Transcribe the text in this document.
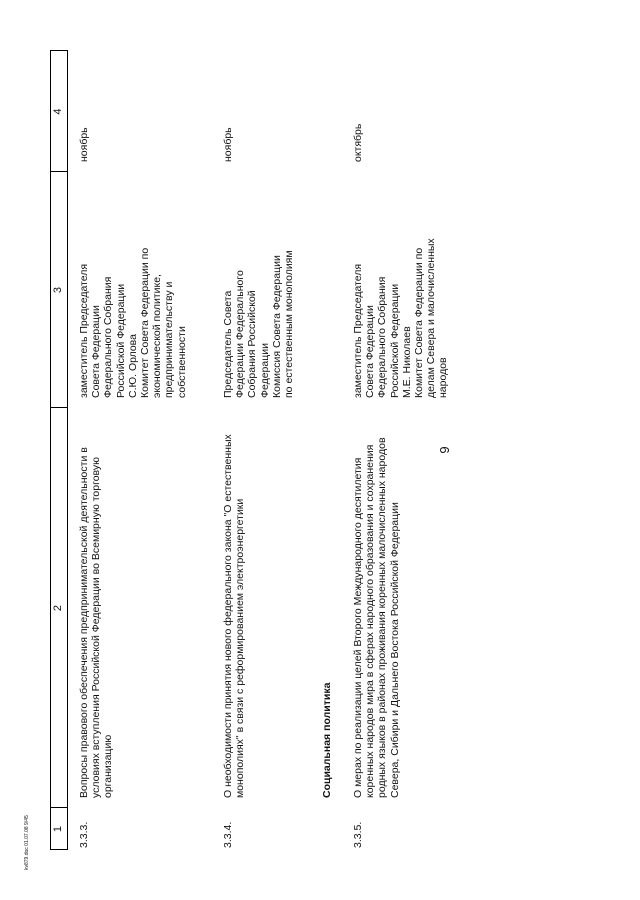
1
2
3
4
3.3.3.
Вопросы правового обеспечения предпринимательской деятельности в условиях вступления Российской Федерации во Всемирную торговую организацию
заместитель Председателя Совета Федерации Федерального Собрания Российской Федерации С.Ю. Орлова Комитет Совета Федерации по экономической политике, предпринимательству и собственности
ноябрь
3.3.4.
О необходимости принятия нового федерального закона "О естественных монополиях" в связи с реформированием электроэнергетики
Председатель Совета Федерации Федерального Собрания Российской Федерации Комиссия Совета Федерации по естественным монополиям
ноябрь
Социальная политика
3.3.5.
О мерах по реализации целей Второго Международного десятилетия коренных народов мира в сферах народного образования и сохранения родных языков в районах проживания коренных малочисленных народов Севера, Сибири и Дальнего Востока Российской Федерации
заместитель Председателя Совета Федерации Федерального Собрания Российской Федерации М.Е. Николаев Комитет Совета Федерации по делам Севера и малочисленных народов
октябрь
9
kv879.doc 01.07.08 9/45
